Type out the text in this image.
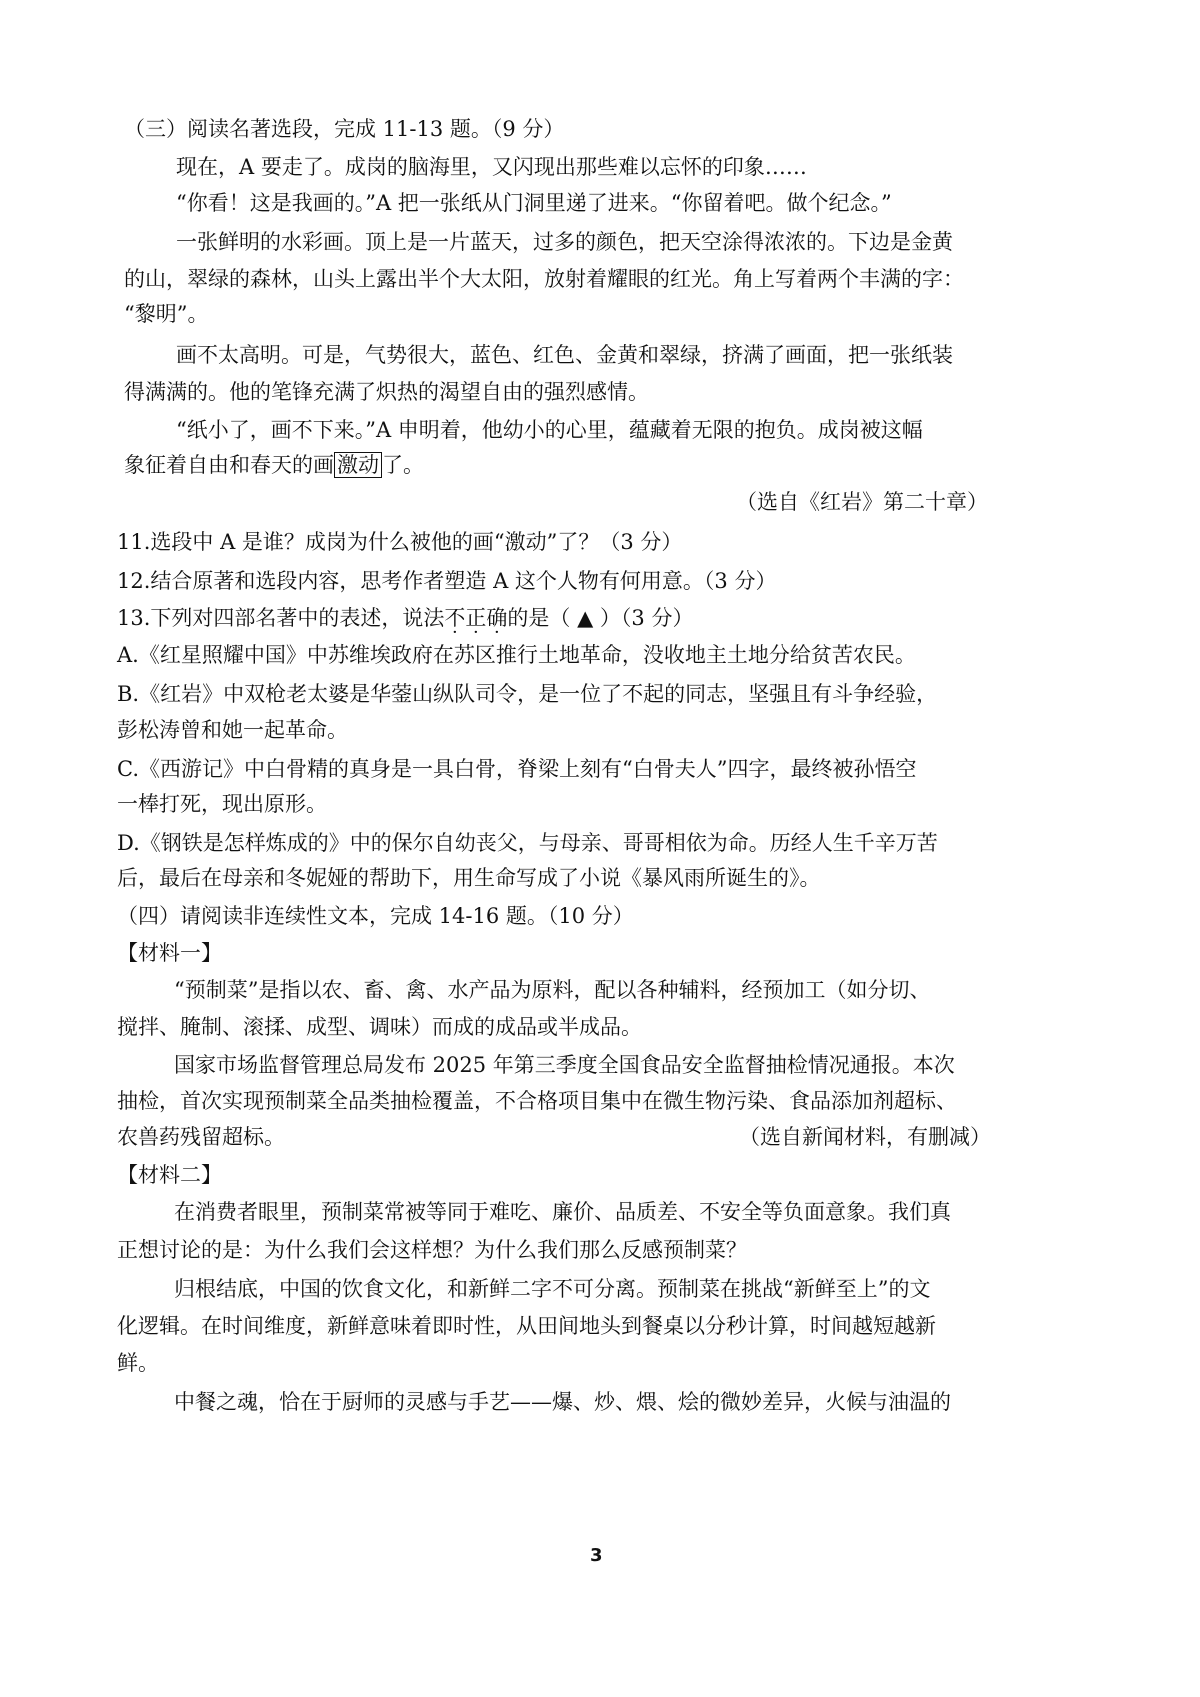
（三）阅读名著选段，完成 11-13 题。（9 分）
现在，A 要走了。成岗的脑海里，又闪现出那些难以忘怀的印象……
“你看！这是我画的。”A 把一张纸从门洞里递了进来。“你留着吧。做个纪念。”
一张鲜明的水彩画。顶上是一片蓝天，过多的颜色，把天空涂得浓浓的。下边是金黄
的山，翠绿的森林，山头上露出半个大太阳，放射着耀眼的红光。角上写着两个丰满的字：
“黎明”。
画不太高明。可是，气势很大，蓝色、红色、金黄和翠绿，挤满了画面，把一张纸装
得满满的。他的笔锋充满了炽热的渴望自由的强烈感情。
“纸小了，画不下来。”A 申明着，他幼小的心里，蕴藏着无限的抱负。成岗被这幅
象征着自由和春天的画 激动 了。
（选自《红岩》第二十章）
11.选段中 A 是谁？成岗为什么被他的画“激动”了？（3 分）
12.结合原著和选段内容，思考作者塑造 A 这个人物有何用意。（3 分）
13.下列对四部名著中的表述，说法不正确的是（ ▲ ）（3 分）
A.《红星照耀中国》中苏维埃政府在苏区推行土地革命，没收地主土地分给贫苦农民。
B.《红岩》中双枪老太婆是华蓥山纵队司令，是一位了不起的同志，坚强且有斗争经验，
彭松涛曾和她一起革命。
C.《西游记》中白骨精的真身是一具白骨，脊梁上刻有“白骨夫人”四字，最终被孙悟空
一棒打死，现出原形。
D.《钢铁是怎样炼成的》中的保尔自幼丧父，与母亲、哥哥相依为命。历经人生千辛万苦
后，最后在母亲和冬妮娅的帮助下，用生命写成了小说《暴风雨所诞生的》。
（四）请阅读非连续性文本，完成 14-16 题。（10 分）
【材料一】
“预制菜”是指以农、畜、禽、水产品为原料，配以各种辅料，经预加工（如分切、
搅拌、腌制、滚揉、成型、调味）而成的成品或半成品。
国家市场监督管理总局发布 2025 年第三季度全国食品安全监督抽检情况通报。本次
抽检，首次实现预制菜全品类抽检覆盖，不合格项目集中在微生物污染、食品添加剂超标、
农兽药残留超标。	（选自新闻材料，有删减）
【材料二】
在消费者眼里，预制菜常被等同于难吃、廉价、品质差、不安全等负面意象。我们真
正想讨论的是：为什么我们会这样想？为什么我们那么反感预制菜？
归根结底，中国的饮食文化，和新鲜二字不可分离。预制菜在挑战“新鲜至上”的文
化逻辑。在时间维度，新鲜意味着即时性，从田间地头到餐桌以分秒计算，时间越短越新
鲜。
中餐之魂，恰在于厨师的灵感与手艺——爆、炒、煨、烩的微妙差异，火候与油温的
3
